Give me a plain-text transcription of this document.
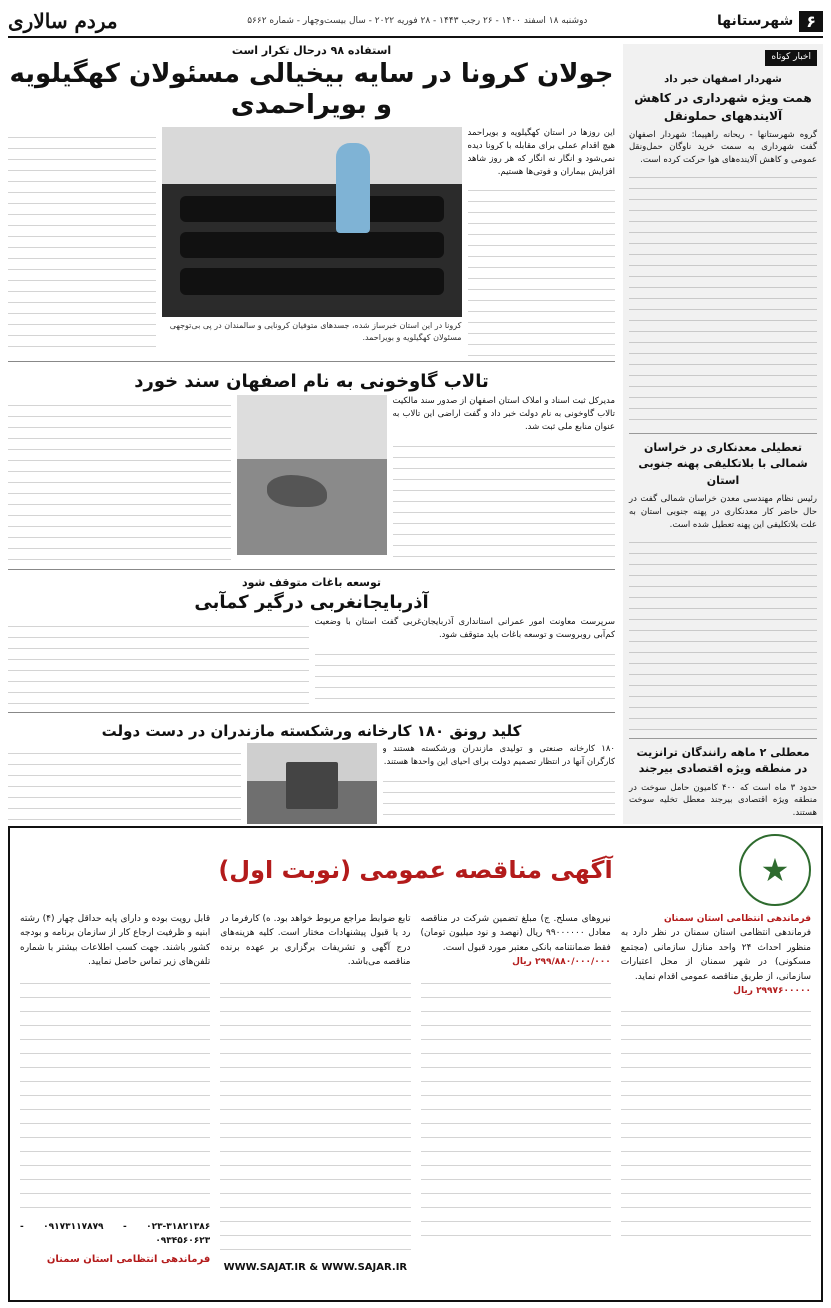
۶
شهرستانها
دوشنبه ۱۸ اسفند ۱۴۰۰ - ۲۶ رجب ۱۴۴۳ - ۲۸ فوریه ۲۰۲۲ - سال بیست‌وچهار - شماره ۵۶۶۲
مردم سالاری
اخبار کوتاه
شهردار اصفهان خبر داد
همت ویژه شهرداری در کاهش آلایندههای حملونقل
گروه شهرستانها - ریحانه راهپیما: شهردار اصفهان گفت شهرداری به سمت خرید ناوگان حمل‌ونقل عمومی و کاهش آلاینده‌های هوا حرکت کرده است.
تعطیلی معدنکاری در خراسان شمالی با بلاتکلیفی پهنه جنوبی استان
رئیس نظام مهندسی معدن خراسان شمالی گفت در حال حاضر کار معدنکاری در پهنه جنوبی استان به علت بلاتکلیفی این پهنه تعطیل شده است.
معطلی ۲ ماهه رانندگان ترانزیت در منطقه ویژه اقتصادی بیرجند
حدود ۳ ماه است که ۴۰۰ کامیون حامل سوخت در منطقه ویژه اقتصادی بیرجند معطل تخلیه سوخت هستند.
استفاده ۹۸ درحال تکرار است
جولان کرونا در سایه بیخیالی مسئولان کهگیلویه و بویراحمدی
این روزها در استان کهگیلویه و بویراحمد هیچ اقدام عملی برای مقابله با کرونا دیده نمی‌شود و انگار نه انگار که هر روز شاهد افزایش بیماران و فوتی‌ها هستیم.
کرونا در این استان خبر‌ساز شده، جسدهای متوفیان کرونایی و سالمندان در پی بی‌توجهی مسئولان کهگیلویه و بویراحمد.
تالاب گاوخونی به نام اصفهان سند خورد
مدیرکل ثبت اسناد و املاک استان اصفهان از صدور سند مالکیت تالاب گاوخونی به نام دولت خبر داد و گفت اراضی این تالاب به عنوان منابع ملی ثبت شد.
توسعه باغات متوقف شود
آذربایجانغربی درگیر کمآبی
سرپرست معاونت امور عمرانی استانداری آذربایجان‌غربی گفت استان با وضعیت کم‌آبی روبروست و توسعه باغات باید متوقف شود.
کلید رونق ۱۸۰ کارخانه ورشکسته مازندران در دست دولت
۱۸۰ کارخانه صنعتی و تولیدی مازندران ورشکسته هستند و کارگران آنها در انتظار تصمیم دولت برای احیای این واحدها هستند.
★
آگهی مناقصه عمومی (نوبت اول)
فرماندهی انتظامی استان سمنان
فرماندهی انتظامی استان سمنان در نظر دارد به منظور احداث ۲۴ واحد منازل سازمانی (مجتمع مسکونی) در شهر سمنان از محل اعتبارات سازمانی، از طریق مناقصه عمومی اقدام نماید.
۲۹۹۷۶۰۰۰۰۰ ریال
نیروهای مسلح. ج) مبلغ تضمین شرکت در مناقصه معادل ۹۹۰۰۰۰۰۰ ریال (نهصد و نود میلیون تومان) فقط ضمانتنامه بانکی معتبر مورد قبول است.
۲۹۹/۸۸۰/۰۰۰/۰۰۰ ریال
تابع ضوابط مراجع مربوط خواهد بود. ه) کارفرما در رد یا قبول پیشنهادات مختار است. کلیه هزینه‌های درج آگهی و تشریفات برگزاری بر عهده برنده مناقصه می‌باشد.
WWW.SAJAT.IR & WWW.SAJAR.IR
قابل رویت بوده و دارای پایه حداقل چهار (۴) رشته ابنیه و ظرفیت ارجاع کار از سازمان برنامه و بودجه کشور باشند. جهت کسب اطلاعات بیشتر با شماره تلفن‌های زیر تماس حاصل نمایید.
۰۲۳-۳۱۸۲۱۳۸۶ - ۰۹۱۷۳۱۱۷۸۷۹ - ۰۹۳۴۵۶۰۶۲۳
فرماندهی انتظامی استان سمنان
